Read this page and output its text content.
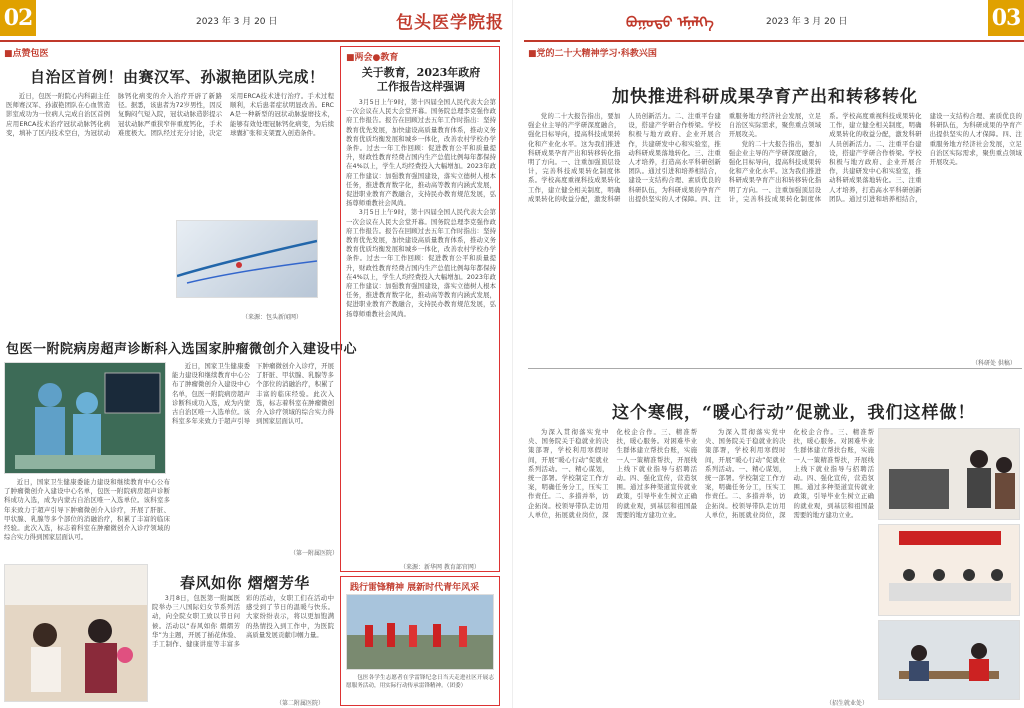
02	2023 年 3 月 20 日	包头医学院报
■点赞包医
自治区首例！由赛汉军、孙淑艳团队完成！

近日，包医一附院心内科副主任医师赛汉军、孙淑艳团队在心血管造影室成功为一位病人完成自治区首例应用ERCA技术治疗冠状动脉钙化病变，填补了区内技术空白，为冠状动脉钙化病变的介入治疗开辟了新路径。据悉，该患者为72岁男性，因反复胸闷气短入院，冠状动脉造影提示冠状动脉严重狭窄伴重度钙化，手术难度极大。团队经过充分讨论，决定采用ERCA技术进行治疗。手术过程顺利，术后患者症状明显改善。ERCA是一种新型的冠状动脉旋磨技术，能够有效处理冠脉钙化病变，为后续球囊扩张和支架置入创造条件。

（来源：包头新闻网）
包医一附院病房超声诊断科入选国家肿瘤微创介入建设中心

近日，国家卫生健康委能力建设和继续教育中心公布了肿瘤微创介入建设中心名单，包医一附院病房超声诊断科成功入选，成为内蒙古自治区唯一入选单位。该科室多年来致力于超声引导下肿瘤微创介入诊疗，开展了肝脏、甲状腺、乳腺等多个部位的消融治疗，积累了丰富的临床经验。此次入选，标志着科室在肿瘤微创介入诊疗领域的综合实力得到国家层面认可。

近日，国家卫生健康委能力建设和继续教育中心公布了肿瘤微创介入建设中心名单，包医一附院病房超声诊断科成功入选，成为内蒙古自治区唯一入选单位。该科室多年来致力于超声引导下肿瘤微创介入诊疗，开展了肝脏、甲状腺、乳腺等多个部位的消融治疗，积累了丰富的临床经验。此次入选，标志着科室在肿瘤微创介入诊疗领域的综合实力得到国家层面认可。

（第一附属医院）
春风如你 熠熠芳华

3月8日，包医第一附属医院举办三八国际妇女节系列活动，向全院女职工致以节日问候。活动以“春风如你 熠熠芳华”为主题，开展了插花体验、手工制作、健康讲座等丰富多彩的活动，女职工们在活动中感受到了节日的温暖与快乐。大家纷纷表示，将以更加饱满的热情投入到工作中，为医院高质量发展贡献巾帼力量。

（第二附属医院）
■两会●教育
关于教育，2023年政府
工作报告这样强调

3月5日上午9时，第十四届全国人民代表大会第一次会议在人民大会堂开幕。国务院总理李克强作政府工作报告。报告在回顾过去五年工作时指出：坚持教育优先发展，加快建设高质量教育体系，推动义务教育优质均衡发展和城乡一体化，改善农村学校办学条件。过去一年工作回顾：促进教育公平和质量提升，财政性教育经费占国内生产总值比例每年都保持在4%以上，学生人均经费投入大幅增加。2023年政府工作建议：加强教育强国建设，落实立德树人根本任务，推进教育数字化，推动高等教育内涵式发展，促进职业教育产教融合，支持民办教育规范发展，弘扬尊师重教社会风尚。

3月5日上午9时，第十四届全国人民代表大会第一次会议在人民大会堂开幕。国务院总理李克强作政府工作报告。报告在回顾过去五年工作时指出：坚持教育优先发展，加快建设高质量教育体系，推动义务教育优质均衡发展和城乡一体化，改善农村学校办学条件。过去一年工作回顾：促进教育公平和质量提升，财政性教育经费占国内生产总值比例每年都保持在4%以上，学生人均经费投入大幅增加。2023年政府工作建议：加强教育强国建设，落实立德树人根本任务，推进教育数字化，推动高等教育内涵式发展，促进职业教育产教融合，支持民办教育规范发展，弘扬尊师重教社会风尚。

（来源：新华网 教育部官网）
践行雷锋精神 展新时代青年风采

包医各学生志愿者在学雷锋纪念日当天走进社区开展志愿服务活动，用实际行动传承雷锋精神。（团委）

ᠪᠣᠭᠣᠲᠣ ᠡᠮᠨᠡᠯᠭᠡ	2023 年 3 月 20 日	03
■党的二十大精神学习·科教兴国
加快推进科研成果孕育产出和转移转化

党的二十大报告指出，要加强企业主导的产学研深度融合，强化目标导向，提高科技成果转化和产业化水平。这为我们推进科研成果孕育产出和转移转化指明了方向。一、注重加强顶层设计，完善科技成果转化制度体系。学校高度重视科技成果转化工作，建立健全相关制度，明确成果转化的收益分配，激发科研人员创新活力。二、注重平台建设，搭建产学研合作桥梁。学校积极与地方政府、企业开展合作，共建研发中心和实验室，推动科研成果落地转化。三、注重人才培养，打造高水平科研创新团队。通过引进和培养相结合，建设一支结构合理、素质优良的科研队伍，为科研成果的孕育产出提供坚实的人才保障。四、注重服务地方经济社会发展，立足自治区实际需求，聚焦重点领域开展攻关。

党的二十大报告指出，要加强企业主导的产学研深度融合，强化目标导向，提高科技成果转化和产业化水平。这为我们推进科研成果孕育产出和转移转化指明了方向。一、注重加强顶层设计，完善科技成果转化制度体系。学校高度重视科技成果转化工作，建立健全相关制度，明确成果转化的收益分配，激发科研人员创新活力。二、注重平台建设，搭建产学研合作桥梁。学校积极与地方政府、企业开展合作，共建研发中心和实验室，推动科研成果落地转化。三、注重人才培养，打造高水平科研创新团队。通过引进和培养相结合，建设一支结构合理、素质优良的科研队伍，为科研成果的孕育产出提供坚实的人才保障。四、注重服务地方经济社会发展，立足自治区实际需求，聚焦重点领域开展攻关。

（科研处 供稿）
这个寒假，“暖心行动”促就业，我们这样做！

为深入贯彻落实党中央、国务院关于稳就业的决策部署，学校利用寒假时间，开展“暖心行动”促就业系列活动。一、精心谋划，统一部署。学校制定工作方案，明确任务分工，压实工作责任。二、多措并举，访企拓岗。校领导带队走访用人单位，拓展就业岗位，深化校企合作。三、精准帮扶，暖心服务。对困难毕业生群体建立帮扶台账，实施一人一策精准帮扶，开展线上线下就业指导与招聘活动。四、强化宣传，营造氛围。通过多种渠道宣传就业政策，引导毕业生树立正确的就业观，到基层和祖国最需要的地方建功立业。

为深入贯彻落实党中央、国务院关于稳就业的决策部署，学校利用寒假时间，开展“暖心行动”促就业系列活动。一、精心谋划，统一部署。学校制定工作方案，明确任务分工，压实工作责任。二、多措并举，访企拓岗。校领导带队走访用人单位，拓展就业岗位，深化校企合作。三、精准帮扶，暖心服务。对困难毕业生群体建立帮扶台账，实施一人一策精准帮扶，开展线上线下就业指导与招聘活动。四、强化宣传，营造氛围。通过多种渠道宣传就业政策，引导毕业生树立正确的就业观，到基层和祖国最需要的地方建功立业。

（招生就业处）
